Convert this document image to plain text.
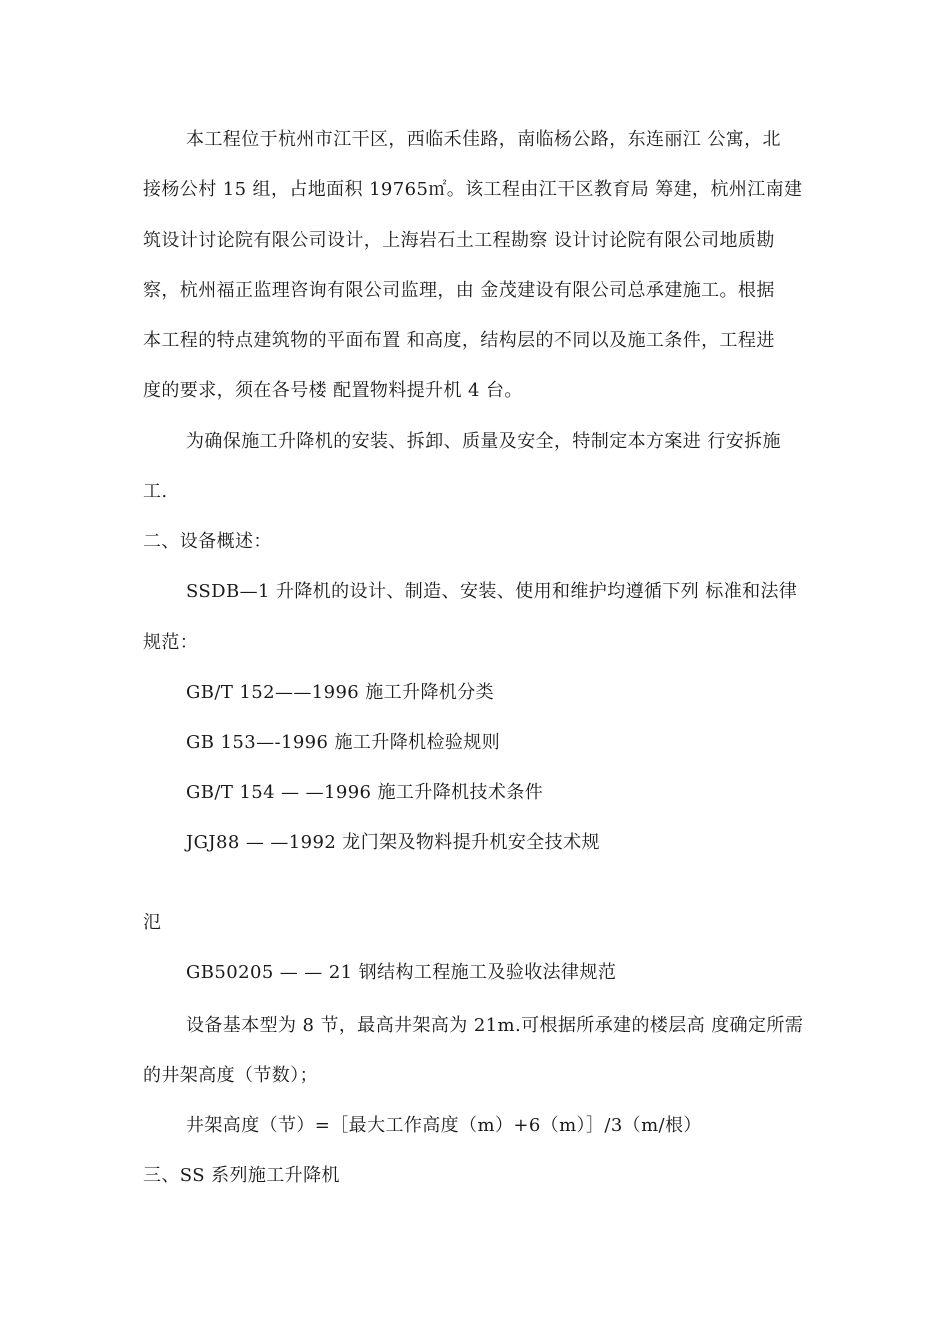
本工程位于杭州市江干区，西临禾佳路，南临杨公路，东连丽江 公寓，北
接杨公村 15 组，占地面积 19765㎡。该工程由江干区教育局 筹建，杭州江南建
筑设计讨论院有限公司设计，上海岩石土工程勘察 设计讨论院有限公司地质勘
察，杭州福正监理咨询有限公司监理，由 金茂建设有限公司总承建施工。根据
本工程的特点建筑物的平面布置 和高度，结构层的不同以及施工条件，工程进
度的要求，须在各号楼 配置物料提升机 4 台。
为确保施工升降机的安装、拆卸、质量及安全，特制定本方案进 行安拆施
工.
二、设备概述：
SSDB—1 升降机的设计、制造、安装、使用和维护均遵循下列 标准和法律
规范：
GB/T 152——1996 施工升降机分类
GB 153—-1996 施工升降机检验规则
GB/T 154 — —1996 施工升降机技术条件
JGJ88 — —1992 龙门架及物料提升机安全技术规
氾
GB50205 — — 21 钢结构工程施工及验收法律规范
设备基本型为 8 节，最高井架高为 21m.可根据所承建的楼层高 度确定所需
的井架高度（节数）；
井架高度（节）=［最大工作高度（m）+6（m）］/3（m/根）
三、SS 系列施工升降机
